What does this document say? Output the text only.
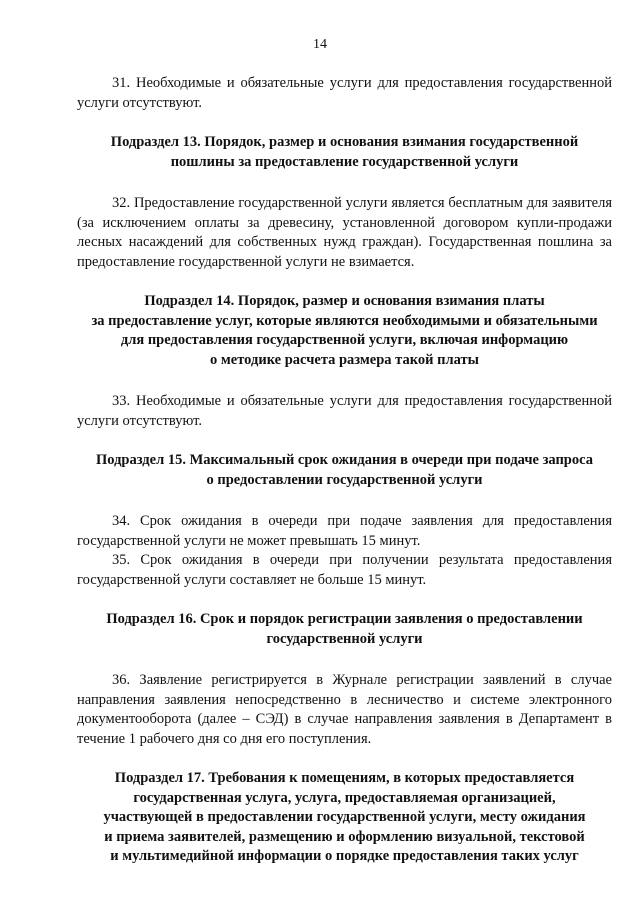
14

31. Необходимые и обязательные услуги для предоставления государственной услуги отсутствуют.

Подраздел 13. Порядок, размер и основания взимания государственной
пошлины за предоставление государственной услуги

32. Предоставление государственной услуги является бесплатным для заявителя (за исключением оплаты за древесину, установленной договором купли-продажи лесных насаждений для собственных нужд граждан). Государственная пошлина за предоставление государственной услуги не взимается.

Подраздел 14. Порядок, размер и основания взимания платы
за предоставление услуг, которые являются необходимыми и обязательными
для предоставления государственной услуги, включая информацию
о методике расчета размера такой платы

33. Необходимые и обязательные услуги для предоставления государственной услуги отсутствуют.

Подраздел 15. Максимальный срок ожидания в очереди при подаче запроса
о предоставлении государственной услуги

34. Срок ожидания в очереди при подаче заявления для предоставления государственной услуги не может превышать 15 минут.

35. Срок ожидания в очереди при получении результата предоставления государственной услуги составляет не больше 15 минут.

Подраздел 16. Срок и порядок регистрации заявления о предоставлении
государственной услуги

36. Заявление регистрируется в Журнале регистрации заявлений в случае направления заявления непосредственно в лесничество и системе электронного документооборота (далее – СЭД) в случае направления заявления в Департамент в течение 1 рабочего дня со дня его поступления.

Подраздел 17. Требования к помещениям, в которых предоставляется
государственная услуга, услуга, предоставляемая организацией,
участвующей в предоставлении государственной услуги, месту ожидания
и приема заявителей, размещению и оформлению визуальной, текстовой
и мультимедийной информации о порядке предоставления таких услуг
